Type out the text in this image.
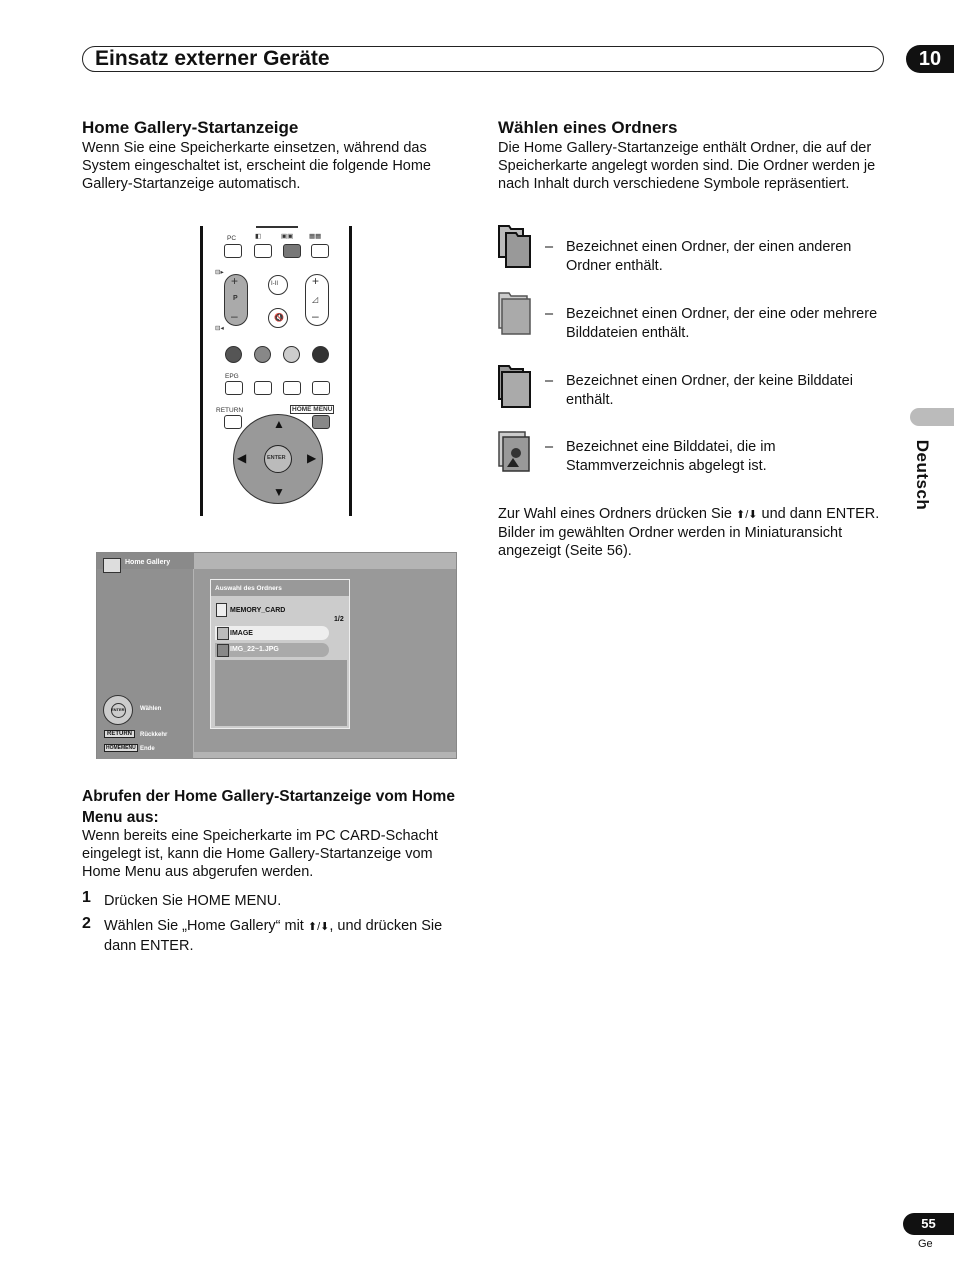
Einsatz externer Geräte	10
Deutsch
Home Gallery-Startanzeige
Wenn Sie eine Speicherkarte einsetzen, während das System eingeschaltet ist, erscheint die folgende Home Gallery-Startanzeige automatisch.
PC	◧	▣▣ ▦▦
⊟▸
+
P
–
⊟◂
I-II
🔇
+
◿
–
EPG
RETURN	HOME MENU
▲
▼
◀	▶
ENTER
Home Gallery
Auswahl des Ordners
MEMORY_CARD
1/2
IMAGE
IMG_22~1.JPG
ENTER	Wählen
RETURN	Rückkehr
HOMEMENU Ende
Abrufen der Home Gallery-Startanzeige vom Home Menu aus:
Wenn bereits eine Speicherkarte im PC CARD-Schacht eingelegt ist, kann die Home Gallery-Startanzeige vom Home Menu aus abgerufen werden.
1 Drücken Sie HOME MENU.
2 Wählen Sie „Home Gallery“ mit ⬆/⬇, und drücken Sie dann ENTER.
Wählen eines Ordners
Die Home Gallery-Startanzeige enthält Ordner, die auf der Speicherkarte angelegt worden sind. Die Ordner werden je nach Inhalt durch verschiedene Symbole repräsentiert.
– Bezeichnet einen Ordner, der einen anderen Ordner enthält.
– Bezeichnet einen Ordner, der eine oder mehrere Bilddateien enthält.
– Bezeichnet einen Ordner, der keine Bilddatei enthält.
– Bezeichnet eine Bilddatei, die im Stammverzeichnis abgelegt ist.
Zur Wahl eines Ordners drücken Sie ⬆/⬇ und dann ENTER. Bilder im gewählten Ordner werden in Miniaturansicht angezeigt (Seite 56).
55
Ge
